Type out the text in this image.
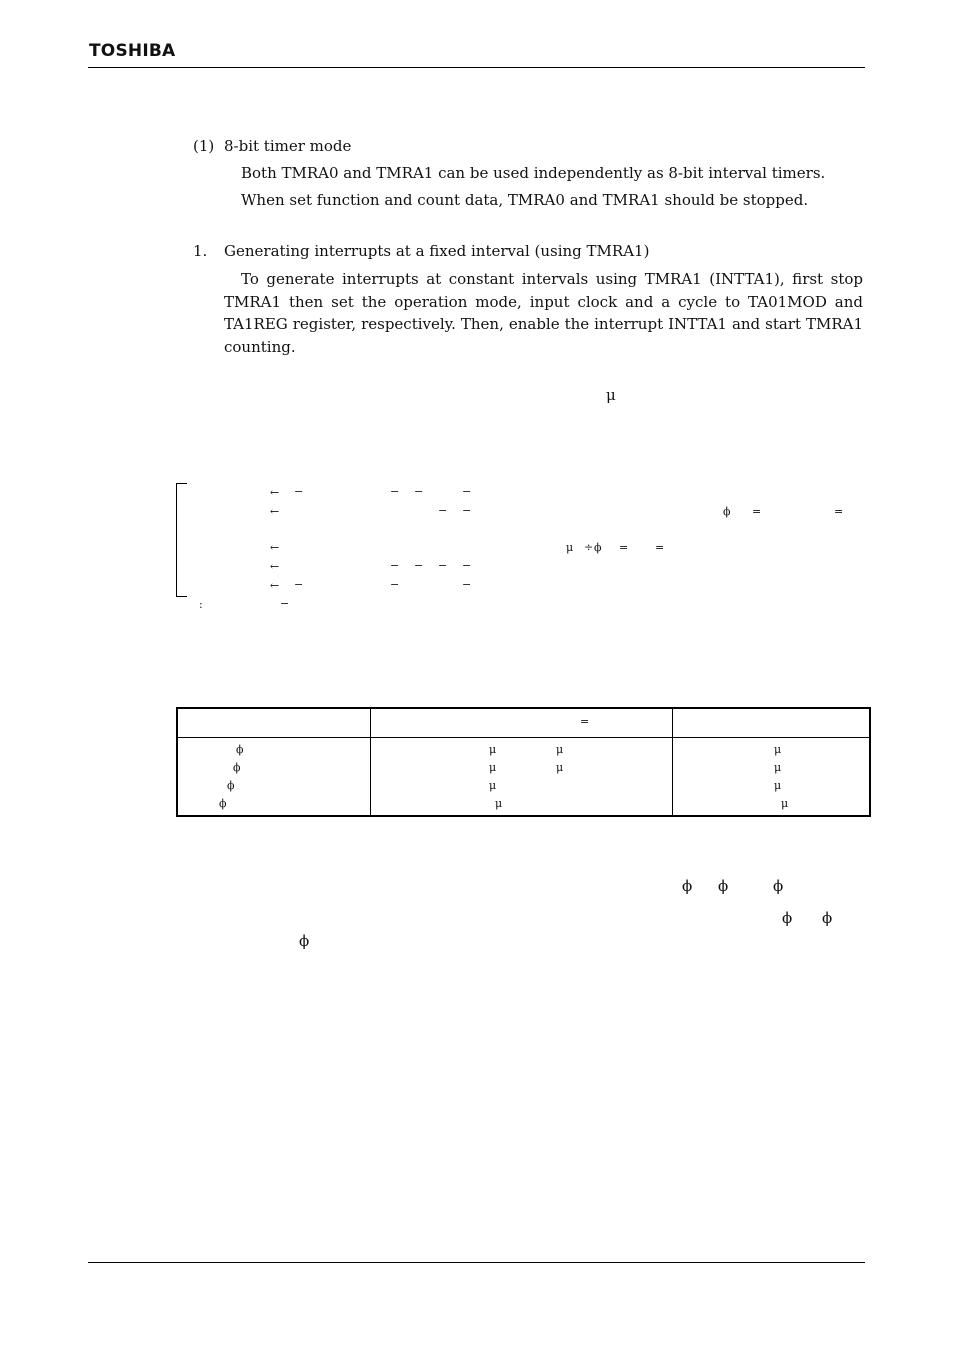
TOSHIBA
(1) 8-bit timer mode
Both TMRA0 and TMRA1 can be used independently as 8-bit interval timers.
When set function and count data, TMRA0 and TMRA1 should be stopped.
1. Generating interrupts at a fixed interval (using TMRA1)
To generate interrupts at constant intervals using TMRA1 (INTTA1), first stop TMRA1 then set the operation mode, input clock and a cycle to TA01MOD and TA1REG register, respectively. Then, enable the interrupt INTTA1 and start TMRA1 counting.
μ
← −	− −	−
←	− −	ϕ =	=
←	μ ÷ ϕ = =
←	− − − −
← −	−	−
:	−

	=	

ϕ	μ μ	μ

ϕ	μ μ	μ

ϕ	μ	μ

ϕ	μ	μ
ϕ ϕ	ϕ
ϕ ϕ
ϕ
